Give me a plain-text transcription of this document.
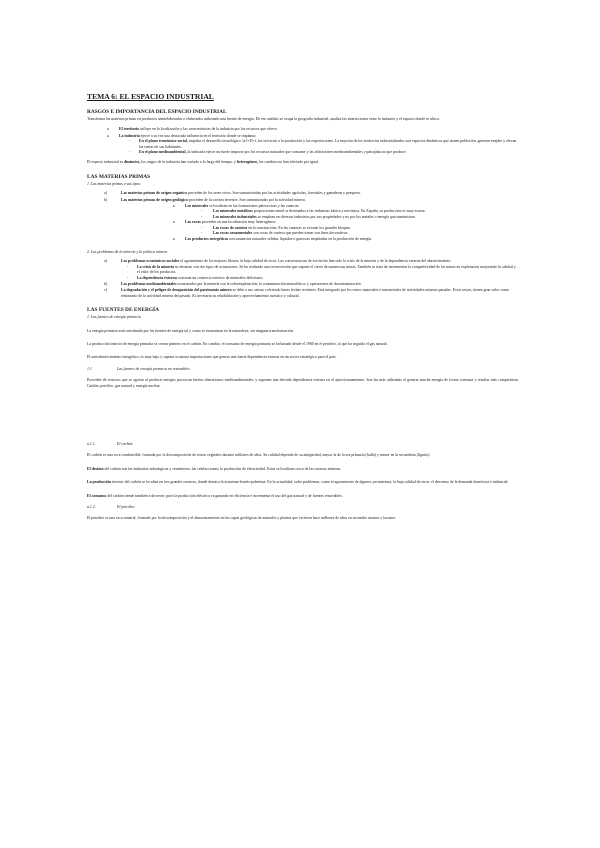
TEMA 6: EL ESPACIO INDUSTRIAL
RASGOS E IMPORTANCIA DEL ESPACIO INDUSTRIAL

Transforma las materias primas en productos semielaborados o elaborados utilizando una fuente de energía. De ese análisis se ocupa la geografía industrial, analiza las interacciones entre la industria y el espacio donde se ubica.

● El territorio influye en la localización y las características de la industria por los recursos que ofrece.
● La industria ejerce a su vez una destacada influencia en el territorio donde se implanta:
- En el plano económico-social, impulsa el desarrollo tecnológico, la I+D+i, los servicios a la producción y las exportaciones. La mayoría de los territorios industrializados son espacios dinámicos que atraen población, generan empleo y elevan las rentas de sus habitantes.
- En el plano medioambiental, la industria ejerce un fuerte impacto por los recursos naturales que consume y las alteraciones medioambientales y paisajísticas que produce.

El espacio industrial es dinámico, los rasgos de la industria han variado a lo largo del tiempo, y heterogéneo, los cambios no han afectado por igual.

LAS MATERIAS PRIMAS
1. Las materias primas y sus tipos
a)	Las materias primas de origen orgánico proceden de los seres vivos. Son suministradas por las actividades agrícolas, forestales y ganaderas y pesquera.
b)	Las materias primas de origen geológico proceden de la corteza terrestre. Son suministradas por la actividad minera.
● Los minerales se localizan en las formaciones paleozoicas y las cuencas:
- Los minerales metálicos proporcionan metal se destinados a las industrias básica y mecánica. En España, su producción es muy escasa.
- Los minerales industriales se emplean en diversas industrias por sus propiedades y no por los metales o energía que suministran.
● Las rocas proceden en una localización muy heterogénea:
- Las rocas de cantera en la construcción. En las canteras se extraen los grandes bloques.
- Las rocas ornamentales son rocas de cantera que pueden tomar son fines decorativos.
● Los productos energéticos son sustancias naturales sólidas, líquidas o gaseosas empleadas en la producción de energía.
2. Los problemas de la minería y la política minera
a)	Los problemas económicos-sociales el agotamiento de los mejores filones; la baja calidad de otros. Las consecuencias de ese hecho han sido la crisis de la minería y de la dependencia externa del abastecimiento.
- La crisis de la minería se afrontan con dos tipos de actuaciones. Se ha realizado una reconversión que supone el cierre de numerosas minas. También se trata de incrementar la competitividad de las minas en explotación mejorando la calidad y el valor de los productos.
- La dependencia externa ocasiona un comercio exterior de minerales deficitario.
b)	Los problemas medioambientales ocasionados por la minería son la sobreexplotación; la contaminación atmosférica; y operaciones de dacontaminación.
c)	La degradación y el peligro de desaparición del patrimonio minero se debe a sus causas volviendo bases fechas recientes. Está integrado por los restos materiales e inmateriales de actividades mineras pasadas. Estos restos, tienen gran valor como testimonio de la actividad minera del pasado. Es necesaria su rehabilitación y aprovechamiento turístico y cultural.
LAS FUENTES DE ENERGÍA
1. Las fuentes de energía primaria

La energía primaria está constituida por las fuentes de energía tal y como se encuentran en la naturaleza, sin ninguna transformación.

La producción interior de energía primaria se centra primero en el carbón. En cambio, el consumo de energía primaria se ha basado desde el 1960 en el petróleo, al que ha seguido el gas natural.

El autoabastecimiento energético, es muy bajo y supone ocasiona importaciones que genera una fuerte dependencia externa en un sector estratégico para el país.

1.1	Las fuentes de energía primaria no renovables

Proceden de recursos que se agotan al producir energía; provocan fuertes alteraciones medioambientales; y suponen una elevada dependencia externa en el aprovisionamiento. Son las más utilizadas al generar mucha energía de forma continua y resultar más competitivas. Carbón, petróleo, gas natural y energía nuclear.

a.1.1.	El carbón

El carbón es una roca combustible, formada por la descomposición de restos vegetales durante millones de años. Su calidad depende de su antigüedad, mayor la de la era primaria (hulla) y menor en la secundaria (lignito).

El destino del carbón son las industrias siderúrgicas y cementeras; las calefacciones; la producción de electricidad. Estas se localizan cerca de las cuencas mineras.

La producción interior del carbón se localiza en tres grandes cuencas, donde destaca la asturiana-leonés-palentina. En la actualidad, sufre problemas, como el agotamiento de algunos yacimientos, la baja calidad de otros; el descenso de la demanda doméstica e industrial.

El consumo del carbón tiende también a decrecer, pues la producción eléctrica va ganando en eficiencia e incrementa el uso del gas natural y de fuentes renovables.

a.1.2.	El petróleo

El petróleo es una roca mineral, formado por la descomposición y el almacenamiento en las capas geológicas de animales y plantas que vivieron hace millones de años en un medio marino o lacustre.
